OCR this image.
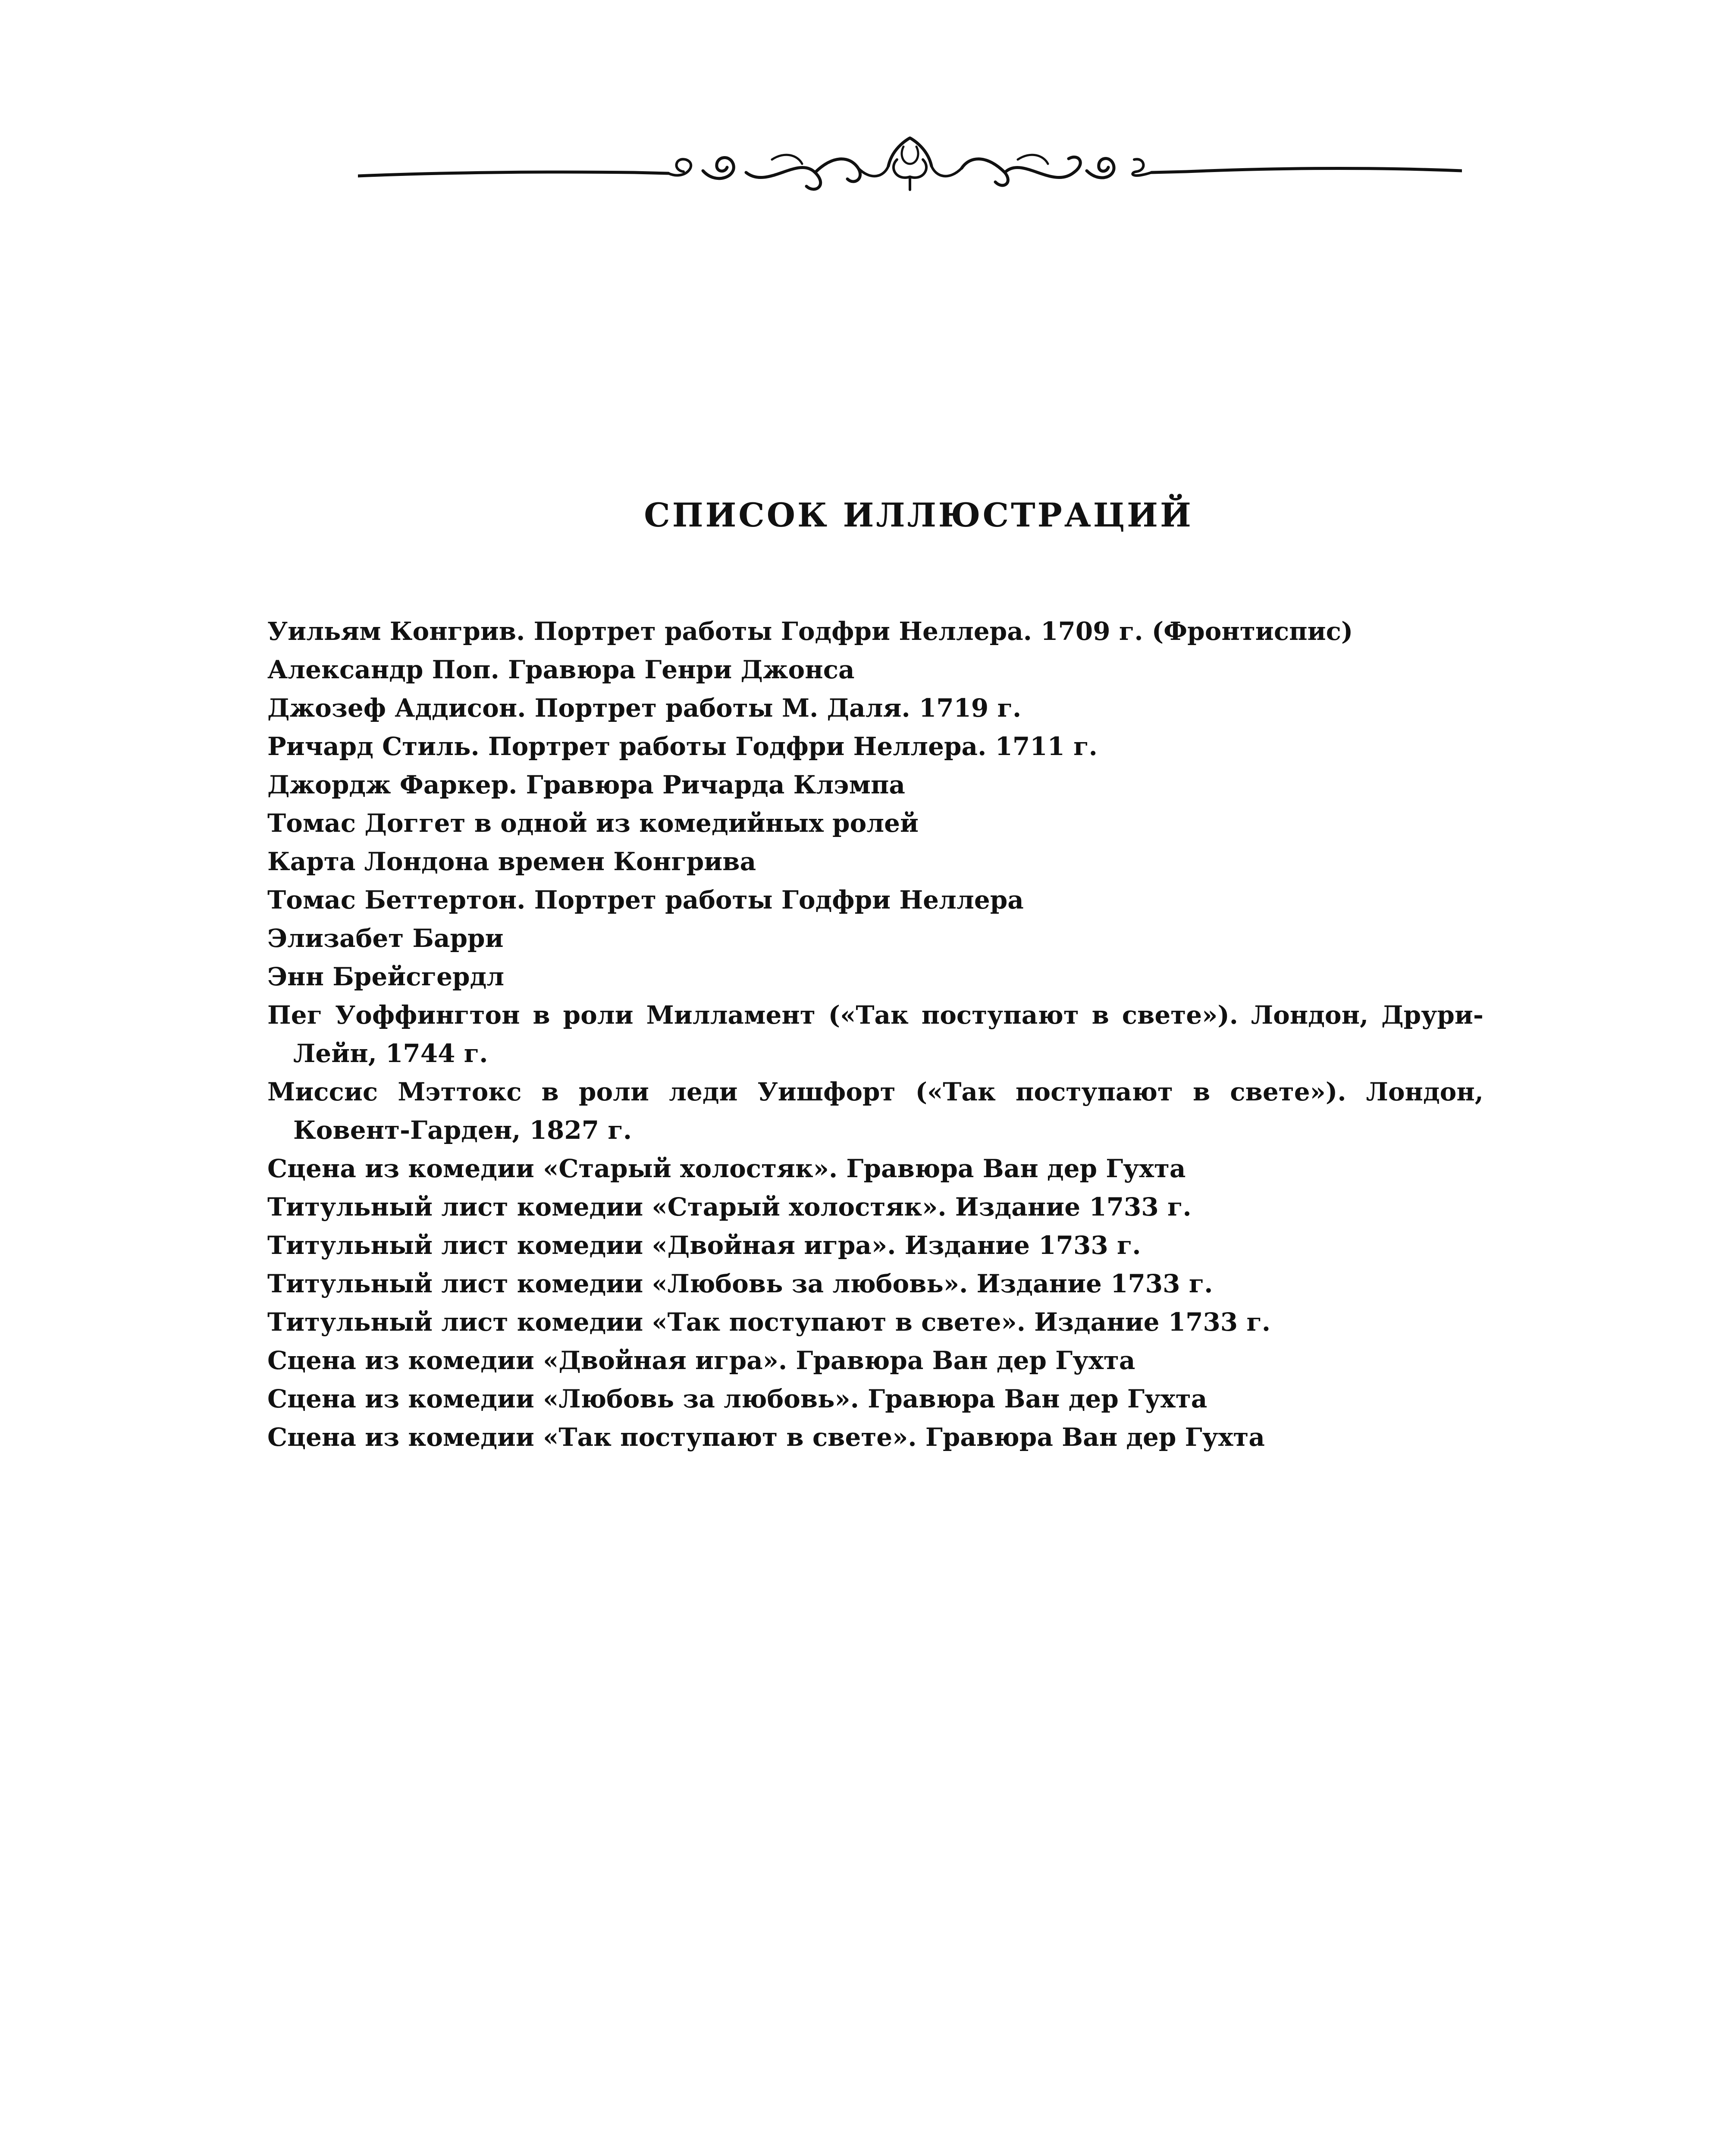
СПИСОК ИЛЛЮСТРАЦИЙ
Уильям Конгрив. Портрет работы Годфри Неллера. 1709 г. (Фронтиспис)
Александр Поп. Гравюра Генри Джонса
Джозеф Аддисон. Портрет работы М. Даля. 1719 г.
Ричард Стиль. Портрет работы Годфри Неллера. 1711 г.
Джордж Фаркер. Гравюра Ричарда Клэмпа
Томас Доггет в одной из комедийных ролей
Карта Лондона времен Конгрива
Томас Беттертон. Портрет работы Годфри Неллера
Элизабет Барри
Энн Брейсгердл
Пег Уоффингтон в роли Милламент («Так поступают в свете»). Лондон, Друри-Лейн, 1744 г.
Миссис Мэттокс в роли леди Уишфорт («Так поступают в свете»). Лондон, Ковент-Гарден, 1827 г.
Сцена из комедии «Старый холостяк». Гравюра Ван дер Гухта
Титульный лист комедии «Старый холостяк». Издание 1733 г.
Титульный лист комедии «Двойная игра». Издание 1733 г.
Титульный лист комедии «Любовь за любовь». Издание 1733 г.
Титульный лист комедии «Так поступают в свете». Издание 1733 г.
Сцена из комедии «Двойная игра». Гравюра Ван дер Гухта
Сцена из комедии «Любовь за любовь». Гравюра Ван дер Гухта
Сцена из комедии «Так поступают в свете». Гравюра Ван дер Гухта
